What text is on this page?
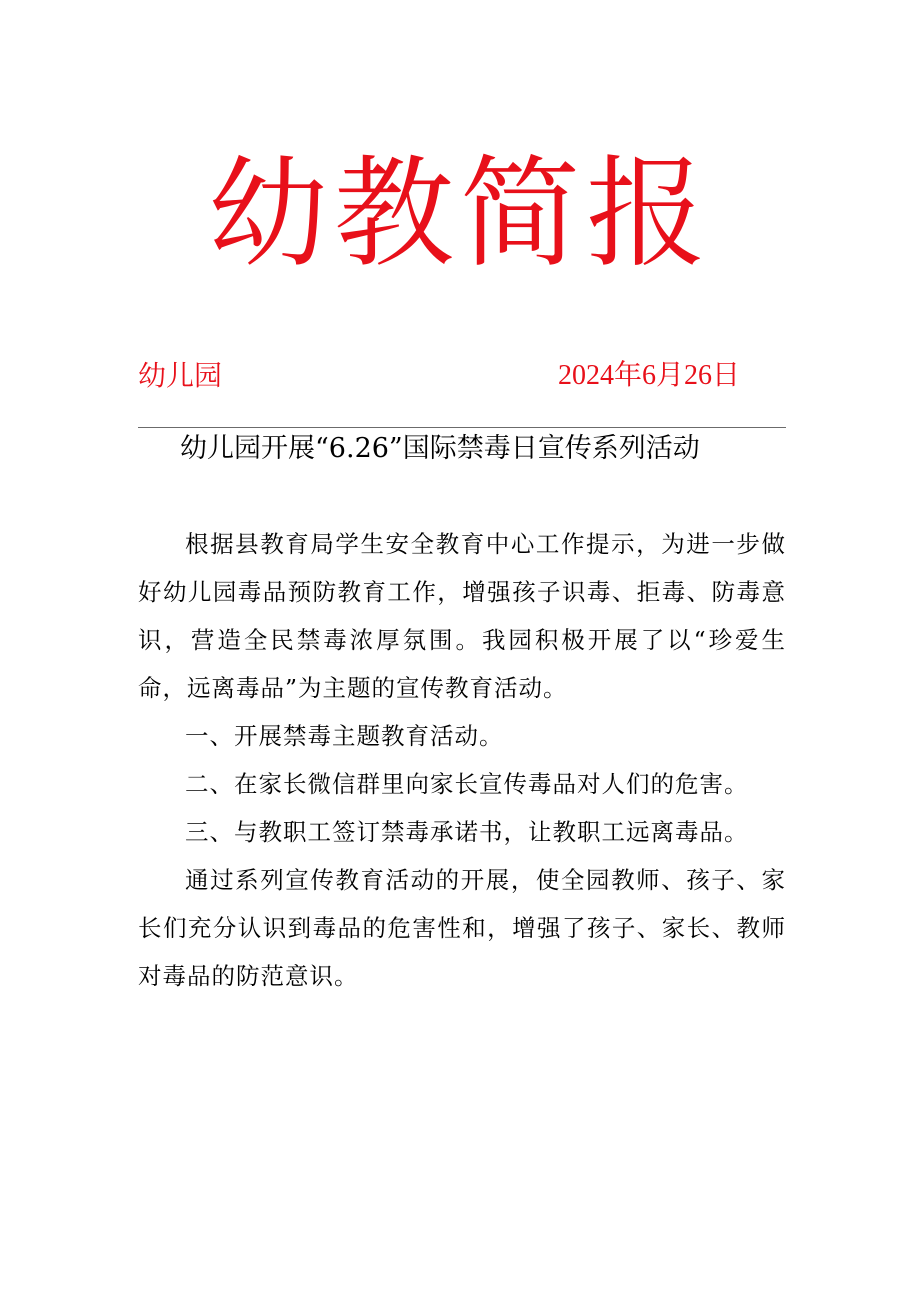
幼教简报
幼儿园	2024年6月26日
幼儿园开展“6.26”国际禁毒日宣传系列活动

根据县教育局学生安全教育中心工作提示，为进一步做好幼儿园毒品预防教育工作，增强孩子识毒、拒毒、防毒意识，营造全民禁毒浓厚氛围。我园积极开展了以“珍爱生命，远离毒品”为主题的宣传教育活动。

一、开展禁毒主题教育活动。

二、在家长微信群里向家长宣传毒品对人们的危害。

三、与教职工签订禁毒承诺书，让教职工远离毒品。

通过系列宣传教育活动的开展，使全园教师、孩子、家长们充分认识到毒品的危害性和，增强了孩子、家长、教师对毒品的防范意识。
